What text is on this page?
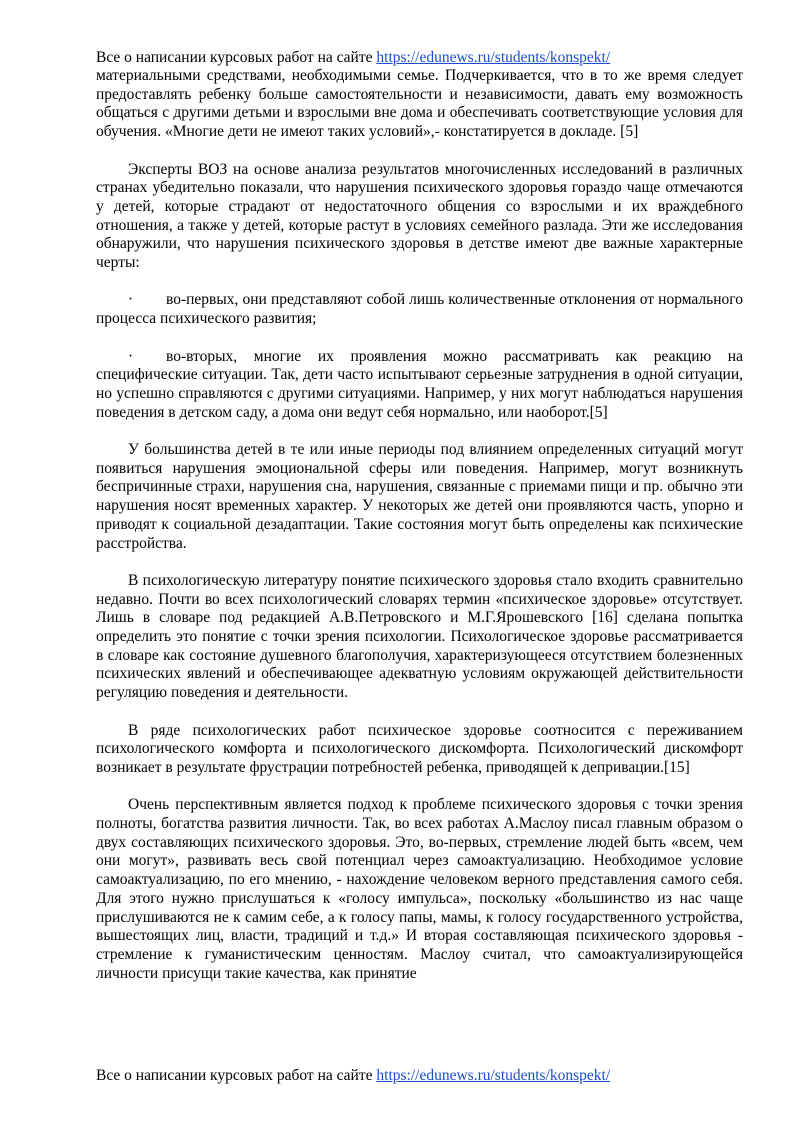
Все о написании курсовых работ на сайте https://edunews.ru/students/konspekt/

материальными средствами, необходимыми семье. Подчеркивается, что в то же время следует предоставлять ребенку больше самостоятельности и независимости, давать ему возможность общаться с другими детьми и взрослыми вне дома и обеспечивать соответствующие условия для обучения. «Многие дети не имеют таких условий»,- констатируется в докладе. [5]

Эксперты ВОЗ на основе анализа результатов многочисленных исследований в различных странах убедительно показали, что нарушения психического здоровья гораздо чаще отмечаются у детей, которые страдают от недостаточного общения со взрослыми и их враждебного отношения, а также у детей, которые растут в условиях семейного разлада. Эти же исследования обнаружили, что нарушения психического здоровья в детстве имеют две важные характерные черты:

· во-первых, они представляют собой лишь количественные отклонения от нормального процесса психического развития;

· во-вторых, многие их проявления можно рассматривать как реакцию на специфические ситуации. Так, дети часто испытывают серьезные затруднения в одной ситуации, но успешно справляются с другими ситуациями. Например, у них могут наблюдаться нарушения поведения в детском саду, а дома они ведут себя нормально, или наоборот.[5]

У большинства детей в те или иные периоды под влиянием определенных ситуаций могут появиться нарушения эмоциональной сферы или поведения. Например, могут возникнуть беспричинные страхи, нарушения сна, нарушения, связанные с приемами пищи и пр. обычно эти нарушения носят временных характер. У некоторых же детей они проявляются часть, упорно и приводят к социальной дезадаптации. Такие состояния могут быть определены как психические расстройства.

В психологическую литературу понятие психического здоровья стало входить сравнительно недавно. Почти во всех психологический словарях термин «психическое здоровье» отсутствует. Лишь в словаре под редакцией А.В.Петровского и М.Г.Ярошевского [16] сделана попытка определить это понятие с точки зрения психологии. Психологическое здоровье рассматривается в словаре как состояние душевного благополучия, характеризующееся отсутствием болезненных психических явлений и обеспечивающее адекватную условиям окружающей действительности регуляцию поведения и деятельности.

В ряде психологических работ психическое здоровье соотносится с переживанием психологического комфорта и психологического дискомфорта. Психологический дискомфорт возникает в результате фрустрации потребностей ребенка, приводящей к депривации.[15]

Очень перспективным является подход к проблеме психического здоровья с точки зрения полноты, богатства развития личности. Так, во всех работах А.Маслоу писал главным образом о двух составляющих психического здоровья. Это, во-первых, стремление людей быть «всем, чем они могут», развивать весь свой потенциал через самоактуализацию. Необходимое условие самоактуализацию, по его мнению, - нахождение человеком верного представления самого себя. Для этого нужно прислушаться к «голосу импульса», поскольку «большинство из нас чаще прислушиваются не к самим себе, а к голосу папы, мамы, к голосу государственного устройства, вышестоящих лиц, власти, традиций и т.д.» И вторая составляющая психического здоровья - стремление к гуманистическим ценностям. Маслоу считал, что самоактуализирующейся личности присущи такие качества, как принятие

Все о написании курсовых работ на сайте https://edunews.ru/students/konspekt/
